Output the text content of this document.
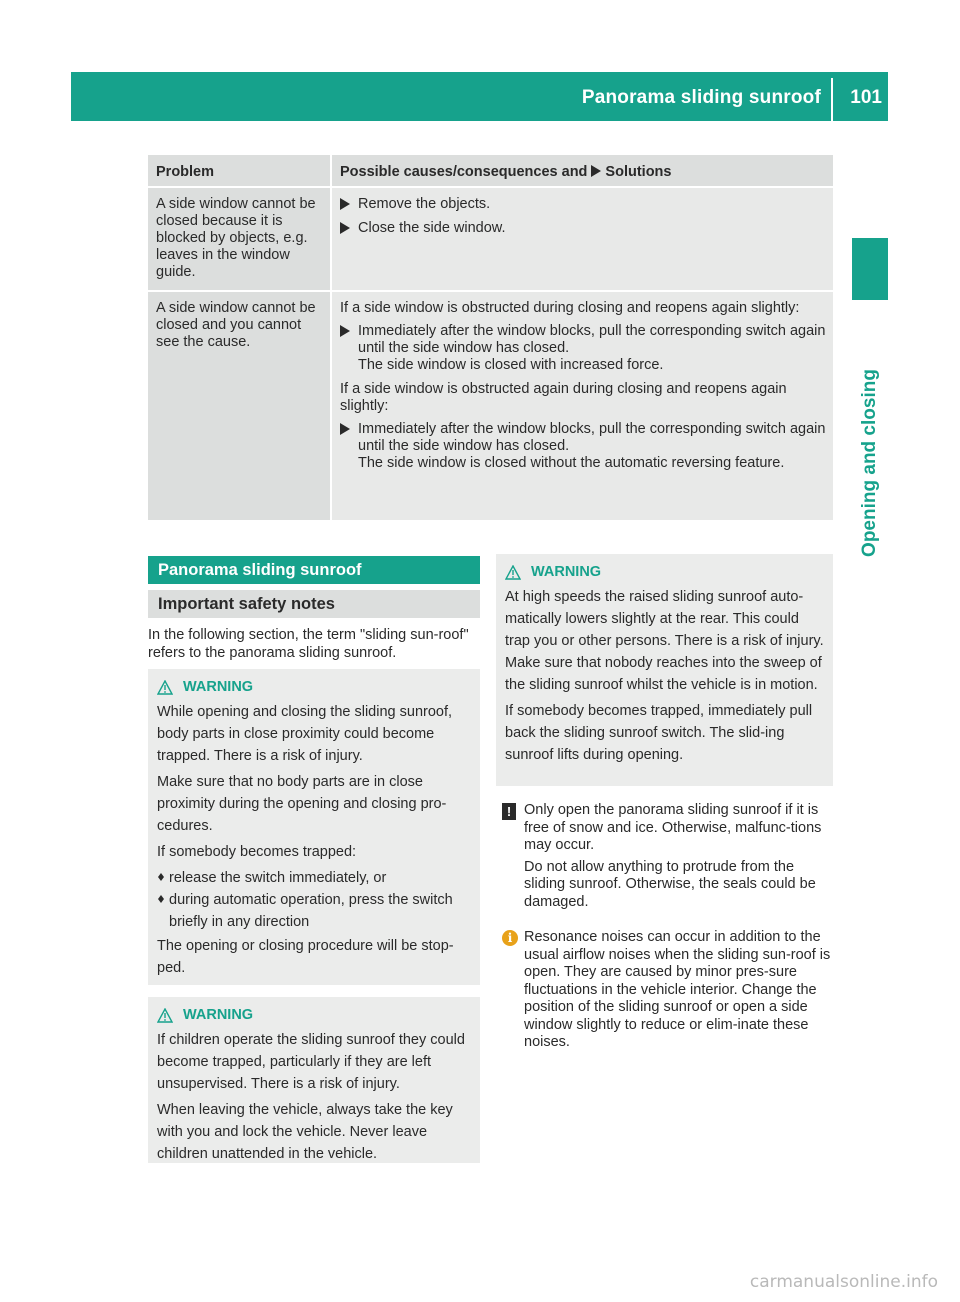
Panorama sliding sunroof 101
Opening and closing
Problem	Possible causes/consequences and Solutions
A side window cannot be closed because it is blocked by objects, e.g. leaves in the window guide.
Remove the objects.
Close the side window.
A side window cannot be closed and you cannot see the cause.

If a side window is obstructed during closing and reopens again slightly:

Immediately after the window blocks, pull the corresponding switch again until the side window has closed.
The side window is closed with increased force.

If a side window is obstructed again during closing and reopens again slightly:

Immediately after the window blocks, pull the corresponding switch again until the side window has closed.
The side window is closed without the automatic reversing feature.
Panorama sliding sunroof
Important safety notes
In the following section, the term "sliding sun-roof" refers to the panorama sliding sunroof.
WARNING
While opening and closing the sliding sunroof, body parts in close proximity could become trapped. There is a risk of injury.
Make sure that no body parts are in close proximity during the opening and closing pro-cedures.
If somebody becomes trapped:
release the switch immediately, or
during automatic operation, press the switch briefly in any direction
The opening or closing procedure will be stop-ped.
WARNING
If children operate the sliding sunroof they could become trapped, particularly if they are left unsupervised. There is a risk of injury.
When leaving the vehicle, always take the key with you and lock the vehicle. Never leave children unattended in the vehicle.
WARNING
At high speeds the raised sliding sunroof auto-matically lowers slightly at the rear. This could trap you or other persons. There is a risk of injury. Make sure that nobody reaches into the sweep of the sliding sunroof whilst the vehicle is in motion.
If somebody becomes trapped, immediately pull back the sliding sunroof switch. The slid-ing sunroof lifts during opening.
! Only open the panorama sliding sunroof if it is free of snow and ice. Otherwise, malfunc-tions may occur.
Do not allow anything to protrude from the sliding sunroof. Otherwise, the seals could be damaged.
i Resonance noises can occur in addition to the usual airflow noises when the sliding sun-roof is open. They are caused by minor pres-sure fluctuations in the vehicle interior. Change the position of the sliding sunroof or open a side window slightly to reduce or elim-inate these noises.
carmanualsonline.info
